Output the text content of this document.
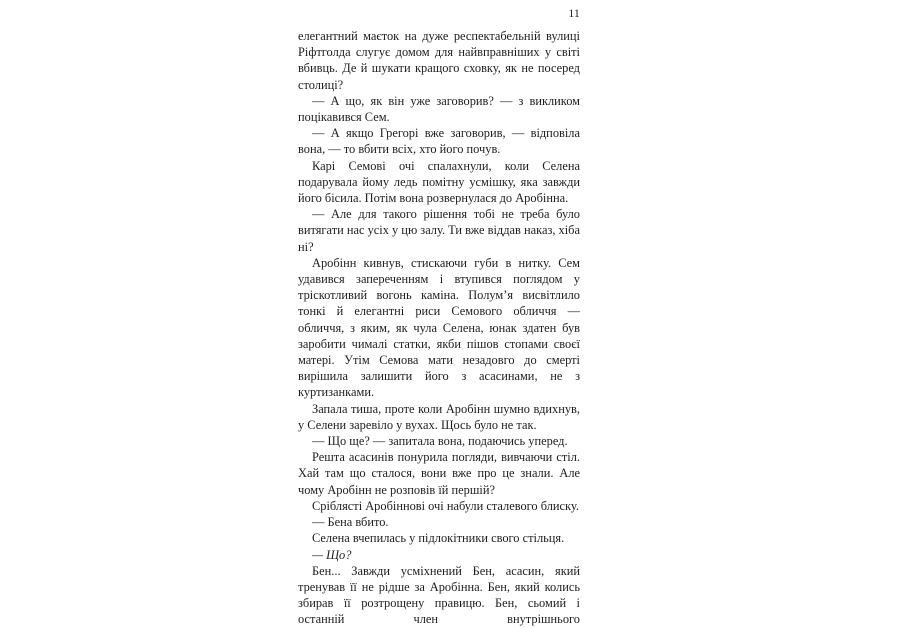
11

елегантний маєток на дуже респектабельній вулиці Ріфтголда слугує домом для найвправніших у світі вбивць. Де й шукати кращого сховку, як не посеред столиці?

— А що, як він уже заговорив? — з викликом поцікавився Сем.

— А якщо Грегорі вже заговорив, — відповіла вона, — то вбити всіх, хто його почув.

Карі Семові очі спалахнули, коли Селена подарувала йому ледь помітну усмішку, яка завжди його бісила. Потім вона розвернулася до Аробінна.

— Але для такого рішення тобі не треба було витягати нас усіх у цю залу. Ти вже віддав наказ, хіба ні?

Аробінн кивнув, стискаючи губи в нитку. Сем удавився запереченням і втупився поглядом у тріскотливий вогонь каміна. Полум’я висвітлило тонкі й елегантні риси Семового обличчя — обличчя, з яким, як чула Селена, юнак здатен був заробити чималі статки, якби пішов стопами своєї матері. Утім Семова мати незадовго до смерті вирішила залишити його з асасинами, не з куртизанками.

Запала тиша, проте коли Аробінн шумно вдихнув, у Селени заревіло у вухах. Щось було не так.

— Що ще? — запитала вона, подаючись уперед.

Решта асасинів понурила погляди, вивчаючи стіл. Хай там що сталося, вони вже про це знали. Але чому Аробінн не розповів їй першій?

Сріблясті Аробіннові очі набули сталевого блиску.

— Бена вбито.

Селена вчепилась у підлокітники свого стільця.

— Що?

Бен... Завжди усміхнений Бен, асасин, який тренував її не рідше за Аробінна. Бен, який колись збирав її розтрощену правицю. Бен, сьомий і останній член внутрішнього
